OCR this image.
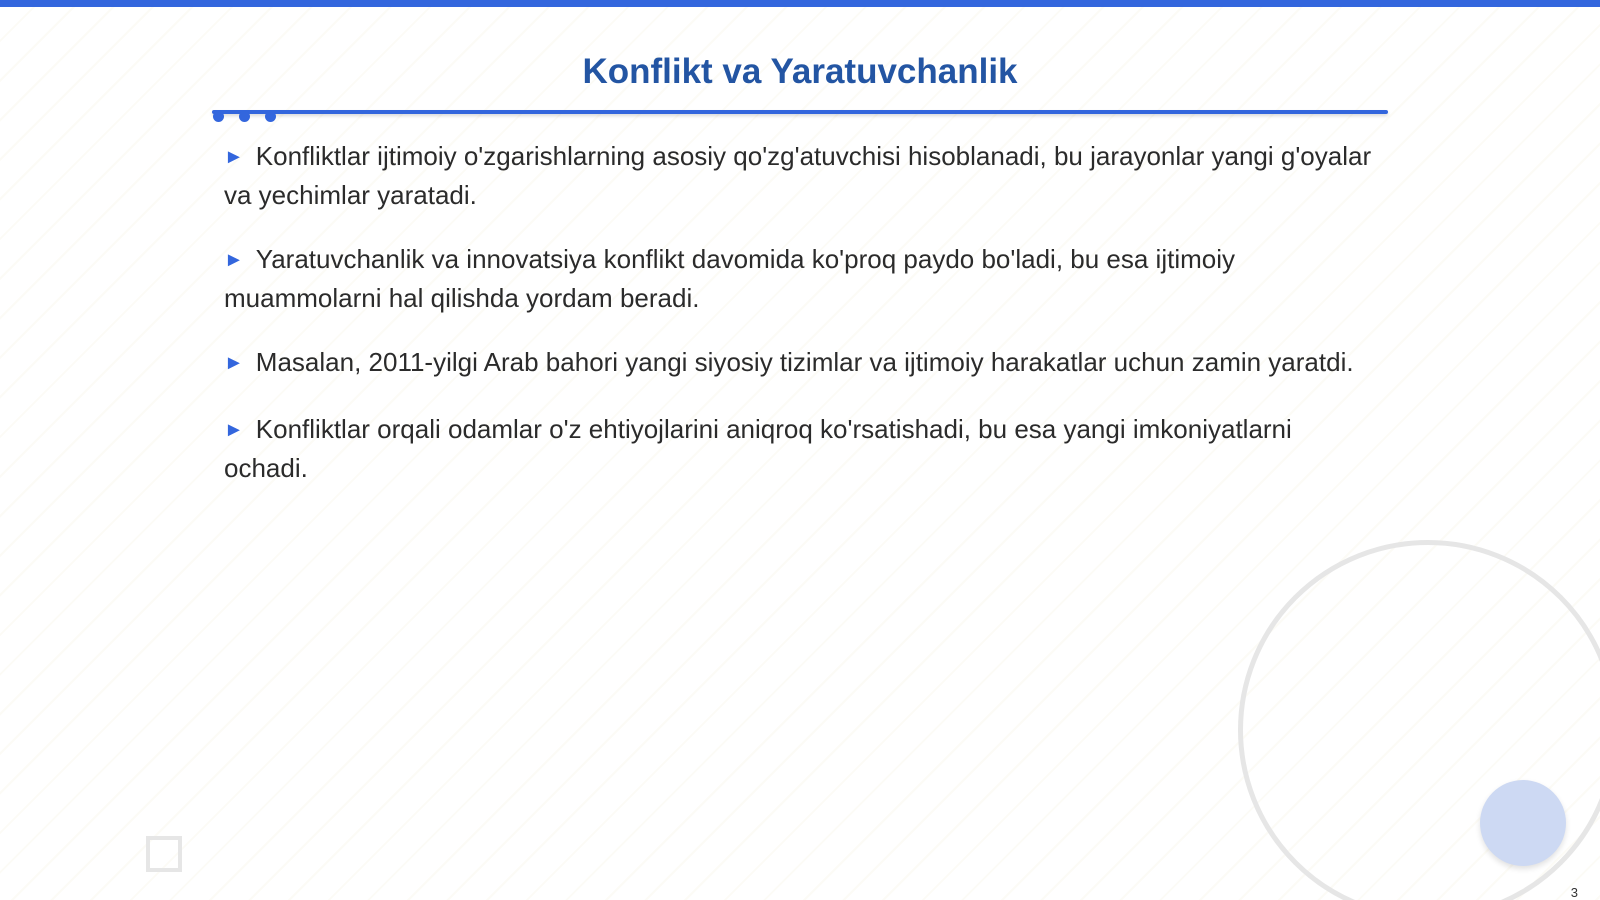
Konflikt va Yaratuvchanlik
► Konfliktlar ijtimoiy o'zgarishlarning asosiy qo'zg'atuvchisi hisoblanadi, bu jarayonlar yangi g'oyalar va yechimlar yaratadi.
► Yaratuvchanlik va innovatsiya konflikt davomida ko'proq paydo bo'ladi, bu esa ijtimoiy muammolarni hal qilishda yordam beradi.
► Masalan, 2011-yilgi Arab bahori yangi siyosiy tizimlar va ijtimoiy harakatlar uchun zamin yaratdi.
► Konfliktlar orqali odamlar o'z ehtiyojlarini aniqroq ko'rsatishadi, bu esa yangi imkoniyatlarni ochadi.
3
